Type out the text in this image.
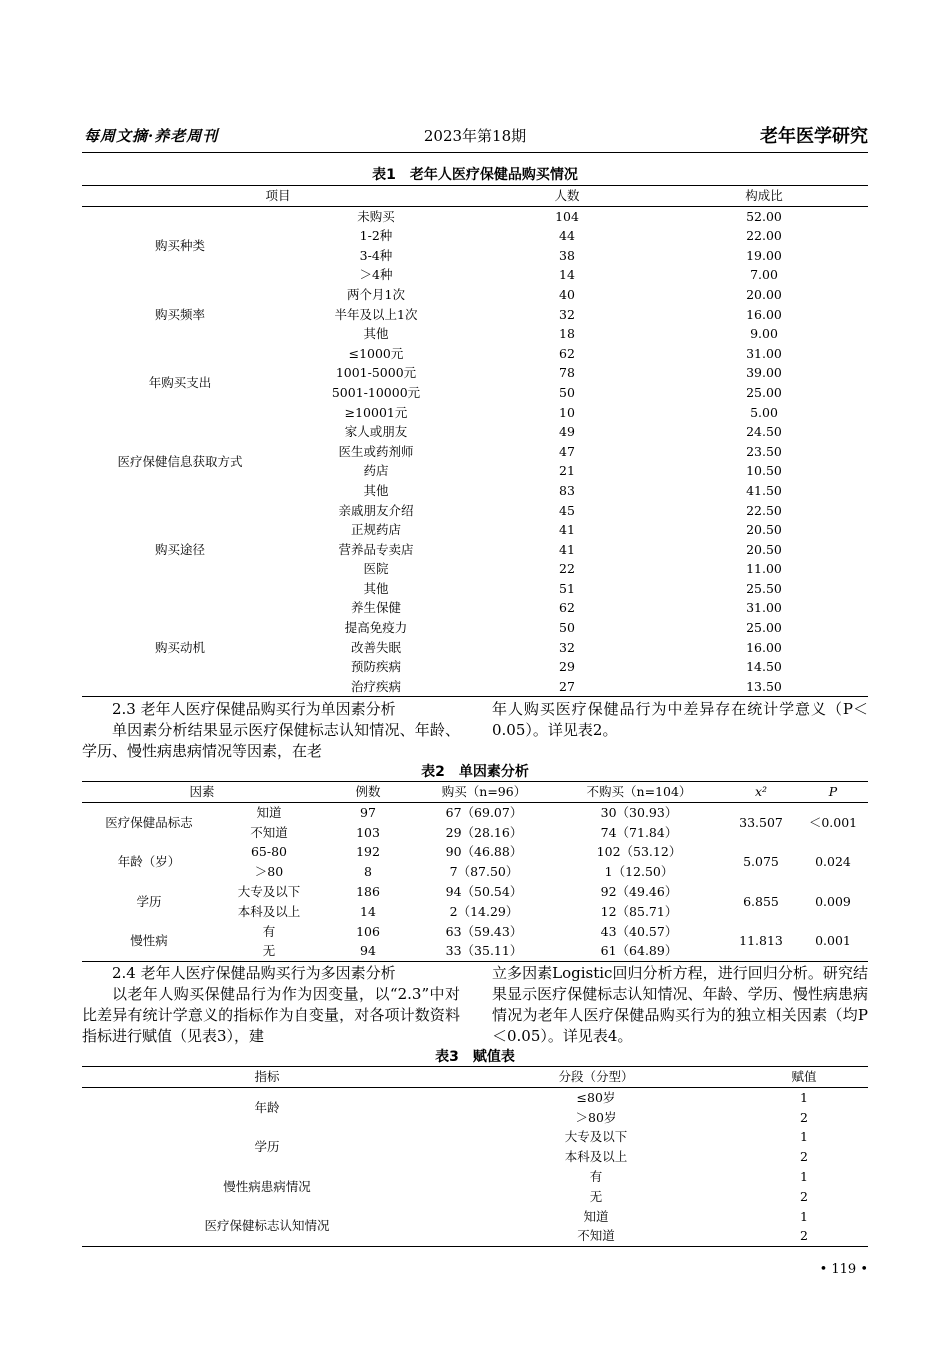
每周文摘·养老周刊	2023年第18期	老年医学研究
表1　老年人医疗保健品购买情况
项目		人数	构成比
购买种类	未购买	104	52.00
	1-2种	44	22.00
	3-4种	38	19.00
	＞4种	14	7.00
购买频率	两个月1次	40	20.00
	半年及以上1次	32	16.00
	其他	18	9.00
年购买支出	≤1000元	62	31.00
	1001-5000元	78	39.00
	5001-10000元	50	25.00
	≥10001元	10	5.00
医疗保健信息获取方式	家人或朋友	49	24.50
	医生或药剂师	47	23.50
	药店	21	10.50
	其他	83	41.50
购买途径	亲戚朋友介绍	45	22.50
	正规药店	41	20.50
	营养品专卖店	41	20.50
	医院	22	11.00
	其他	51	25.50
购买动机	养生保健	62	31.00
	提高免疫力	50	25.00
	改善失眠	32	16.00
	预防疾病	29	14.50
	治疗疾病	27	13.50
2.3 老年人医疗保健品购买行为单因素分析
单因素分析结果显示医疗保健标志认知情况、年龄、学历、慢性病患病情况等因素，在老
年人购买医疗保健品行为中差异存在统计学意义（P＜0.05）。详见表2。
表2　单因素分析
因素		例数	购买（n=96）	不购买（n=104）	x²	P
医疗保健品标志	知道	97	67（69.07）	30（30.93）	33.507	＜0.001
	不知道	103	29（28.16）	74（71.84）		
年龄（岁）	65-80	192	90（46.88）	102（53.12）	5.075	0.024
	＞80	8	7（87.50）	1（12.50）		
学历	大专及以下	186	94（50.54）	92（49.46）	6.855	0.009
	本科及以上	14	2（14.29）	12（85.71）		
慢性病	有	106	63（59.43）	43（40.57）	11.813	0.001
	无	94	33（35.11）	61（64.89）		
2.4 老年人医疗保健品购买行为多因素分析
以老年人购买保健品行为作为因变量，以“2.3”中对比差异有统计学意义的指标作为自变量，对各项计数资料指标进行赋值（见表3），建
立多因素Logistic回归分析方程，进行回归分析。研究结果显示医疗保健标志认知情况、年龄、学历、慢性病患病情况为老年人医疗保健品购买行为的独立相关因素（均P＜0.05）。详见表4。
表3　赋值表
指标	分段（分型）	赋值
年龄	≤80岁	1
	＞80岁	2
学历	大专及以下	1
	本科及以上	2
慢性病患病情况	有	1
	无	2
医疗保健标志认知情况	知道	1
	不知道	2
• 119 •
